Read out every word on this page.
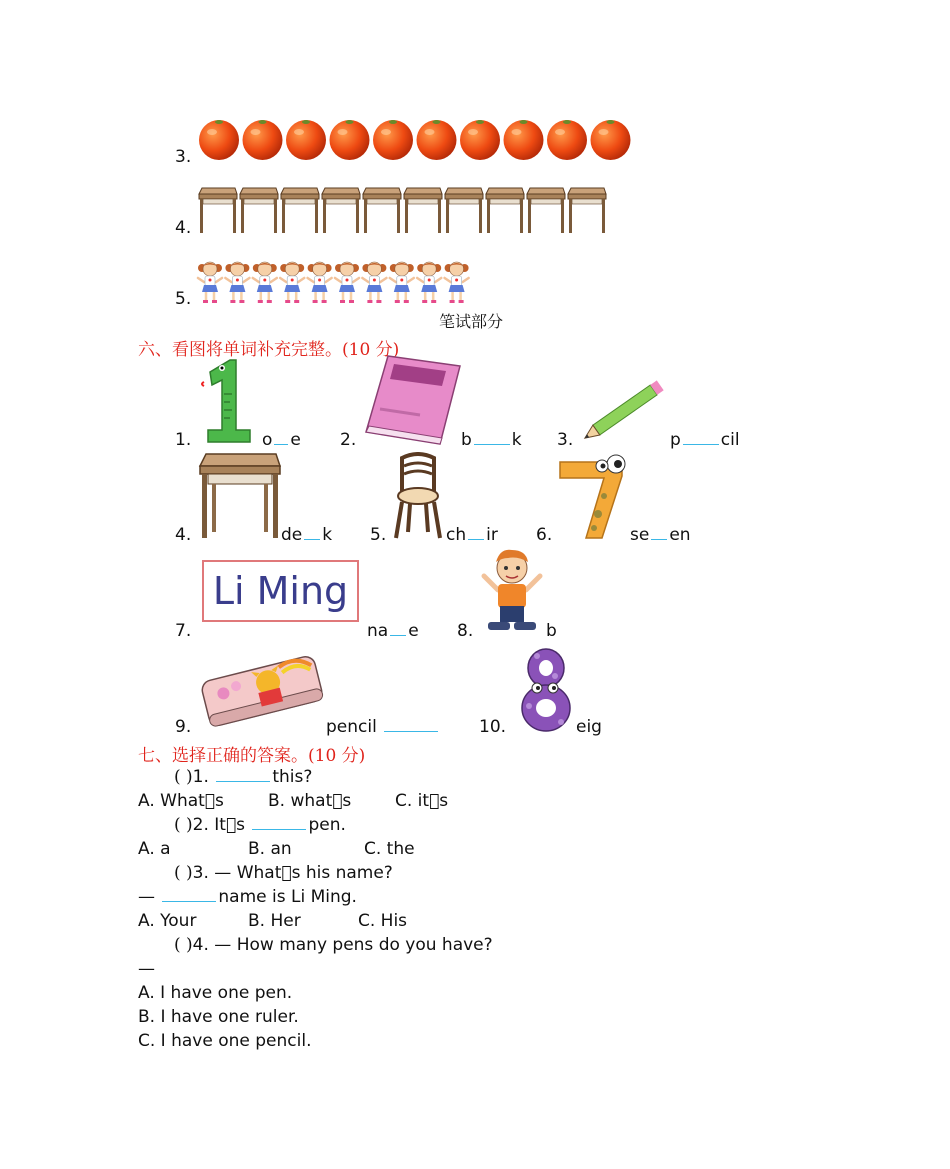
3.
4.
5.
笔试部分
六、看图将单词补充完整。(10 分)
1.	o e 2.	b k 3.	p cil
4.	de k 5.	ch ir 6.	se en
Li Ming
7.	na e 8.	b
9.	pencil	10.	eig
七、选择正确的答案。(10 分)
( )1.	this?
A. What s	B. what s	C. it s
( )2. It s	pen.
A. a	B. an	C. the
( )3. — What s his name?
—	name is Li Ming.
A. Your	B. Her	C. His
( )4. — How many pens do you have?
—
A. I have one pen.
B. I have one ruler.
C. I have one pencil.
